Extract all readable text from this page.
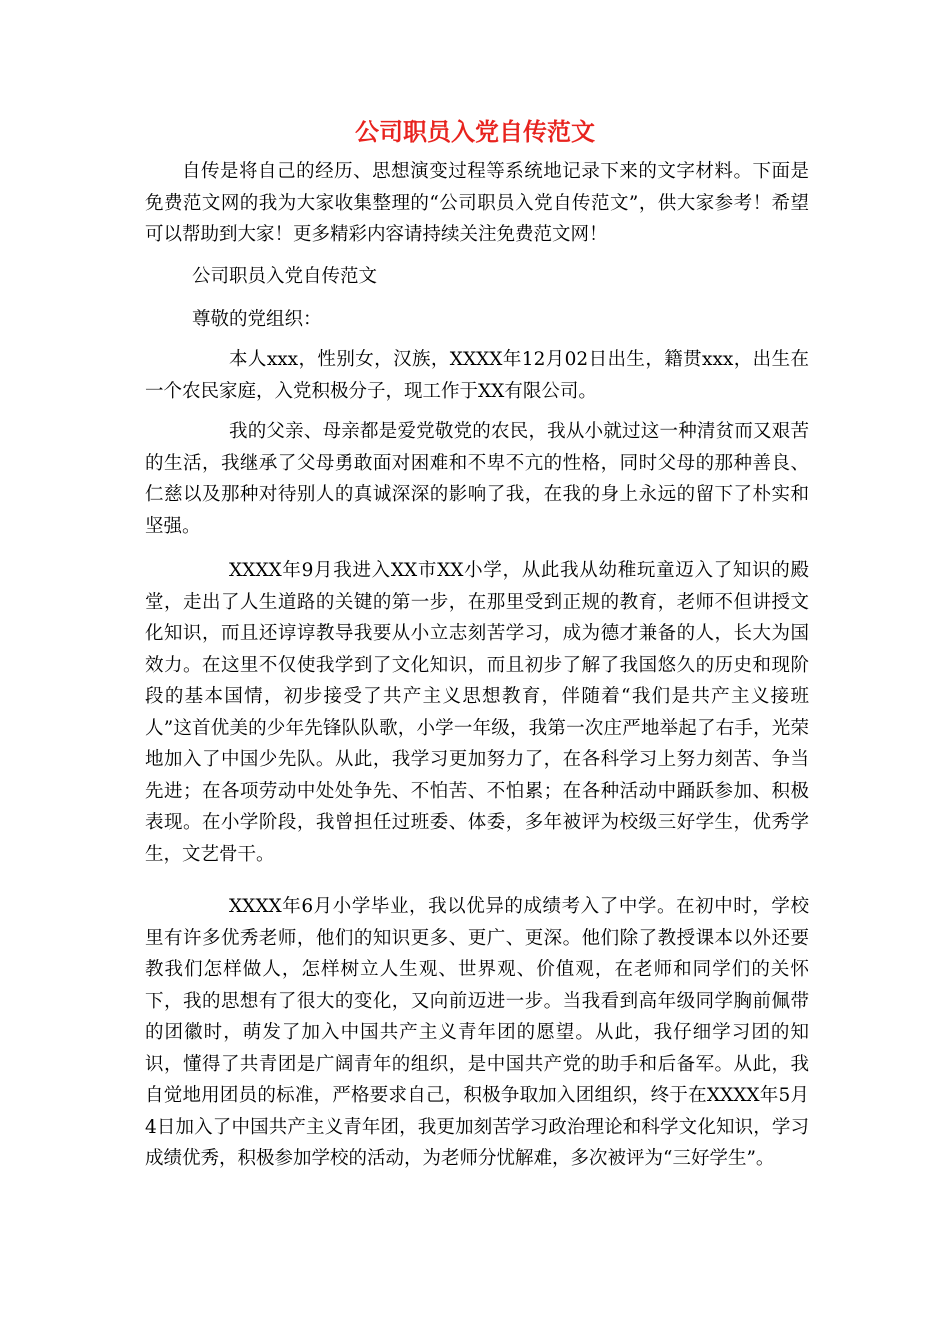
公司职员入党自传范文

自传是将自己的经历、思想演变过程等系统地记录下来的文字材料。下面是免费范文网的我为大家收集整理的“公司职员入党自传范文”，供大家参考！希望可以帮助到大家！更多精彩内容请持续关注免费范文网！

公司职员入党自传范文

尊敬的党组织：

本人xxx，性别女，汉族，XXXX年12月02日出生，籍贯xxx，出生在一个农民家庭，入党积极分子，现工作于XX有限公司。

我的父亲、母亲都是爱党敬党的农民，我从小就过这一种清贫而又艰苦的生活，我继承了父母勇敢面对困难和不卑不亢的性格，同时父母的那种善良、仁慈以及那种对待别人的真诚深深的影响了我，在我的身上永远的留下了朴实和坚强。

XXXX年9月我进入XX市XX小学，从此我从幼稚玩童迈入了知识的殿堂，走出了人生道路的关键的第一步，在那里受到正规的教育，老师不但讲授文化知识，而且还谆谆教导我要从小立志刻苦学习，成为德才兼备的人，长大为国效力。在这里不仅使我学到了文化知识，而且初步了解了我国悠久的历史和现阶段的基本国情，初步接受了共产主义思想教育，伴随着“我们是共产主义接班人”这首优美的少年先锋队队歌，小学一年级，我第一次庄严地举起了右手，光荣地加入了中国少先队。从此，我学习更加努力了，在各科学习上努力刻苦、争当先进；在各项劳动中处处争先、不怕苦、不怕累；在各种活动中踊跃参加、积极表现。在小学阶段，我曾担任过班委、体委，多年被评为校级三好学生，优秀学生，文艺骨干。

XXXX年6月小学毕业，我以优异的成绩考入了中学。在初中时，学校里有许多优秀老师，他们的知识更多、更广、更深。他们除了教授课本以外还要教我们怎样做人，怎样树立人生观、世界观、价值观，在老师和同学们的关怀下，我的思想有了很大的变化，又向前迈进一步。当我看到高年级同学胸前佩带的团徽时，萌发了加入中国共产主义青年团的愿望。从此，我仔细学习团的知识，懂得了共青团是广阔青年的组织，是中国共产党的助手和后备军。从此，我自觉地用团员的标准，严格要求自己，积极争取加入团组织，终于在XXXX年5月4日加入了中国共产主义青年团，我更加刻苦学习政治理论和科学文化知识，学习成绩优秀，积极参加学校的活动，为老师分忧解难，多次被评为“三好学生”。
